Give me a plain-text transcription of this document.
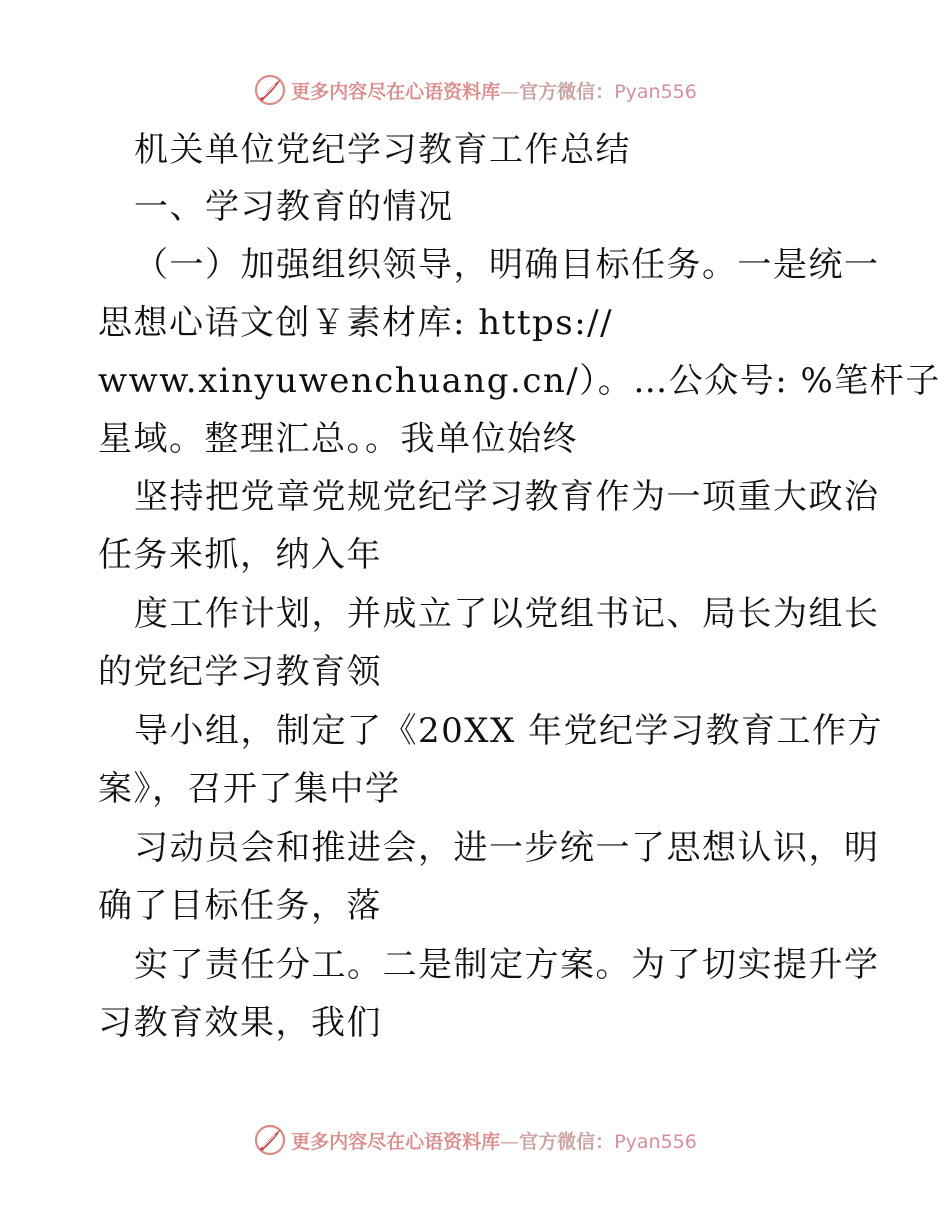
更多内容尽在心语资料库—官方微信：Pyan556
机关单位党纪学习教育工作总结
一、学习教育的情况
（一）加强组织领导，明确目标任务。一是统一
思想心语文创￥素材库: https://
www.xinyuwenchuang.cn/）。…公众号: %笔杆子
星域。整理汇总。。我单位始终
坚持把党章党规党纪学习教育作为一项重大政治
任务来抓，纳入年
度工作计划，并成立了以党组书记、局长为组长
的党纪学习教育领
导小组，制定了《20XX 年党纪学习教育工作方
案》，召开了集中学
习动员会和推进会，进一步统一了思想认识，明
确了目标任务，落
实了责任分工。二是制定方案。为了切实提升学
习教育效果，我们
更多内容尽在心语资料库—官方微信：Pyan556
